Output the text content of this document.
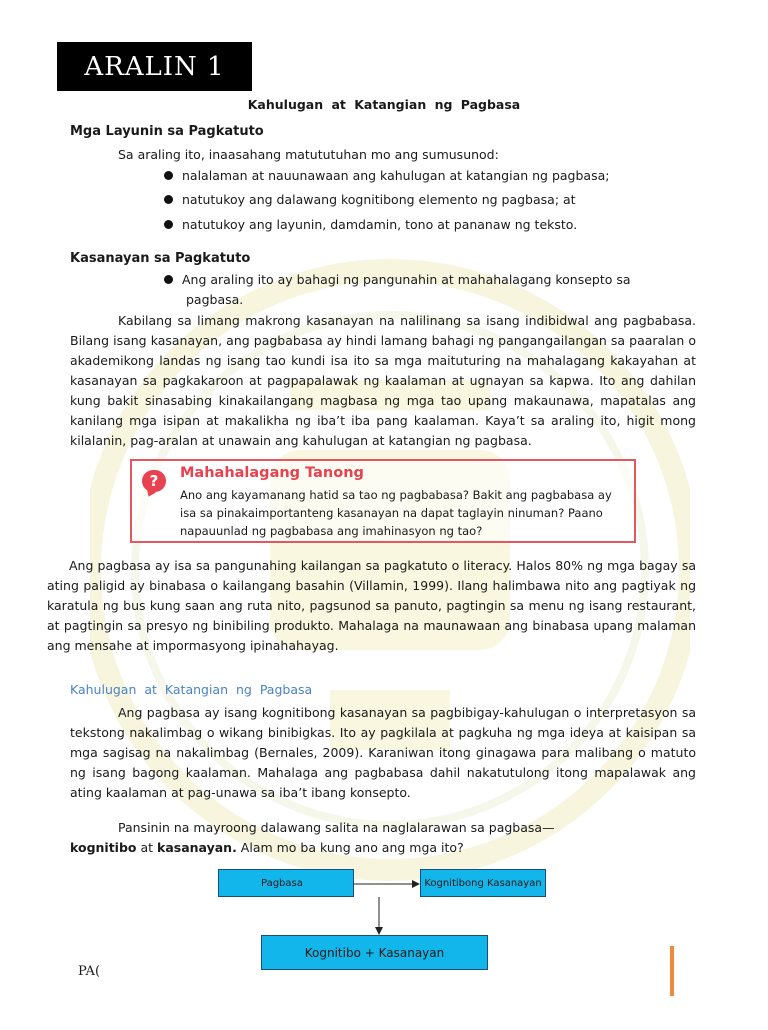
ARALIN 1
Kahulugan at Katangian ng Pagbasa
Mga Layunin sa Pagkatuto
Sa araling ito, inaasahang matututuhan mo ang sumusunod:
nalalaman at nauunawaan ang kahulugan at katangian ng pagbasa;
natutukoy ang dalawang kognitibong elemento ng pagbasa; at
natutukoy ang layunin, damdamin, tono at pananaw ng teksto.
Kasanayan sa Pagkatuto
Ang araling ito ay bahagi ng pangunahin at mahahalagang konsepto sa
pagbasa.
Kabilang sa limang makrong kasanayan na nalilinang sa isang indibidwal ang pagbabasa. Bilang isang kasanayan, ang pagbabasa ay hindi lamang bahagi ng pangangailangan sa paaralan o akademikong landas ng isang tao kundi isa ito sa mga maituturing na mahalagang kakayahan at kasanayan sa pagkakaroon at pagpapalawak ng kaalaman at ugnayan sa kapwa. Ito ang dahilan kung bakit sinasabing kinakailangang magbasa ng mga tao upang makaunawa, mapatalas ang kanilang mga isipan at makalikha ng iba’t iba pang kaalaman. Kaya’t sa araling ito, higit mong kilalanin, pag-aralan at unawain ang kahulugan at katangian ng pagbasa.
?	Mahahalagang Tanong
Ano ang kayamanang hatid sa tao ng pagbabasa? Bakit ang pagbabasa ay
isa sa pinakaimportanteng kasanayan na dapat taglayin ninuman? Paano
napauunlad ng pagbabasa ang imahinasyon ng tao?
Ang pagbasa ay isa sa pangunahing kailangan sa pagkatuto o literacy. Halos 80% ng mga bagay sa ating paligid ay binabasa o kailangang basahin (Villamin, 1999). Ilang halimbawa nito ang pagtiyak ng karatula ng bus kung saan ang ruta nito, pagsunod sa panuto, pagtingin sa menu ng isang restaurant, at pagtingin sa presyo ng binibiling produkto. Mahalaga na maunawaan ang binabasa upang malaman ang mensahe at impormasyong ipinahahayag.
Kahulugan at Katangian ng Pagbasa
Ang pagbasa ay isang kognitibong kasanayan sa pagbibigay-kahulugan o interpretasyon sa tekstong nakalimbag o wikang binibigkas. Ito ay pagkilala at pagkuha ng mga ideya at kaisipan sa mga sagisag na nakalimbag (Bernales, 2009). Karaniwan itong ginagawa para malibang o matuto ng isang bagong kaalaman. Mahalaga ang pagbabasa dahil nakatutulong itong mapalawak ang ating kaalaman at pag-unawa sa iba’t ibang konsepto.
Pansinin na mayroong dalawang salita na naglalarawan sa pagbasa—
kognitibo at kasanayan. Alam mo ba kung ano ang mga ito?
Pagbasa	Kognitibong Kasanayan
Kognitibo + Kasanayan
PA(
